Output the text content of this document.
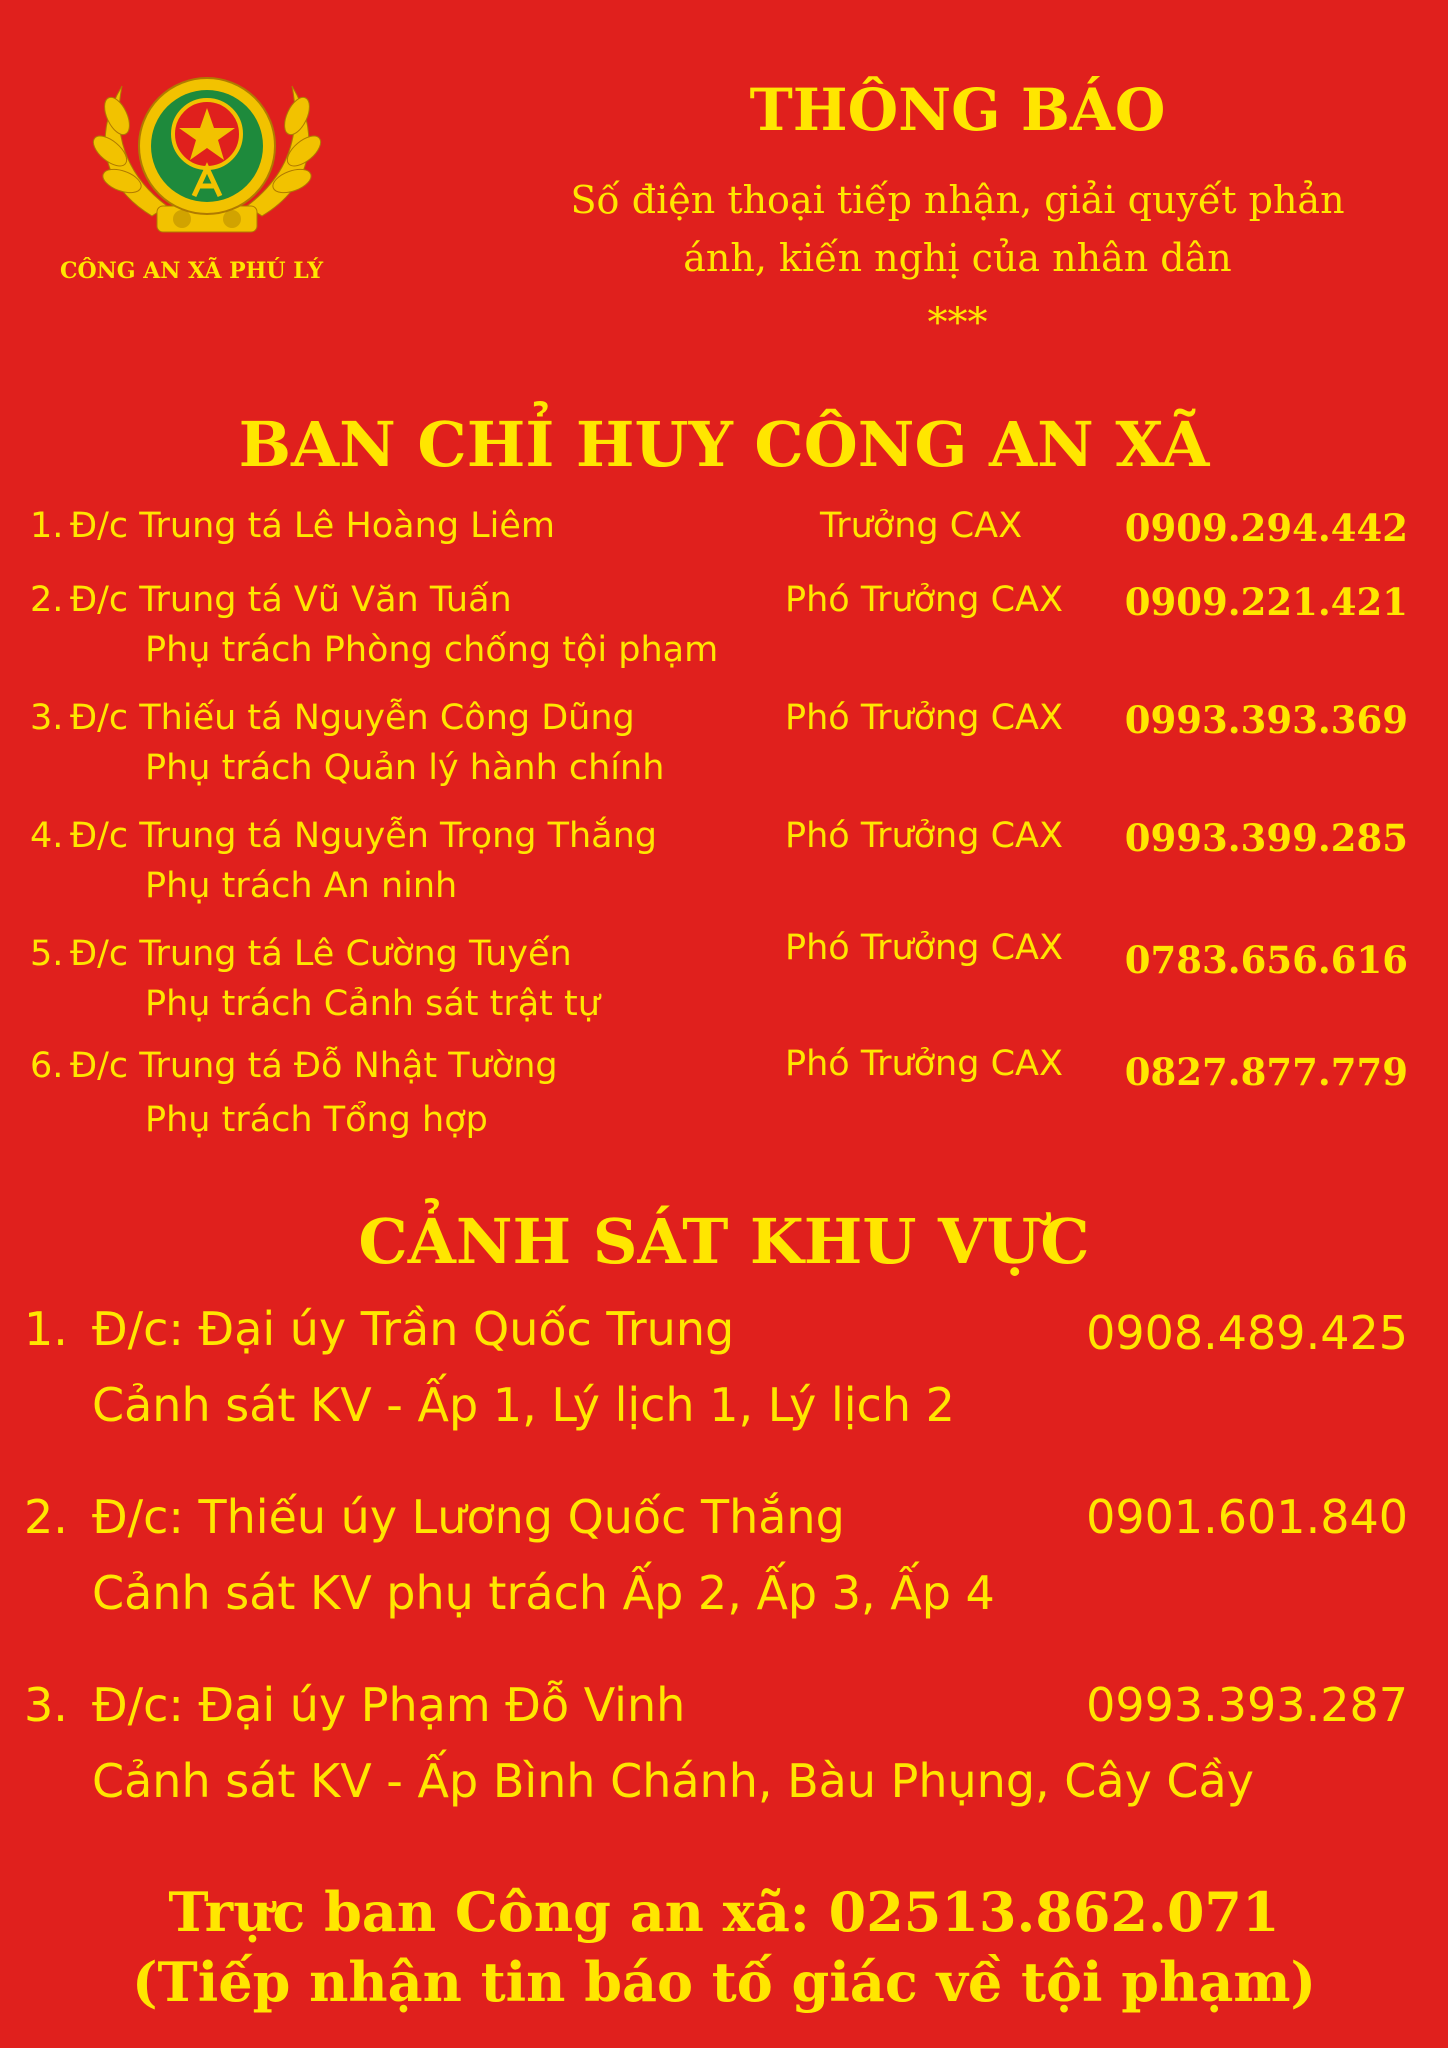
CÔNG AN XÃ PHÚ LÝ
THÔNG BÁO
Số điện thoại tiếp nhận, giải quyết phản
ánh, kiến nghị của nhân dân
***
BAN CHỈ HUY CÔNG AN XÃ
1. Đ/c Trung tá Lê Hoàng Liêm	Trưởng CAX	0909.294.442
2. Đ/c Trung tá Vũ Văn Tuấn	Phó Trưởng CAX 0909.221.421
Phụ trách Phòng chống tội phạm
3. Đ/c Thiếu tá Nguyễn Công Dũng	Phó Trưởng CAX 0993.393.369
Phụ trách Quản lý hành chính
4. Đ/c Trung tá Nguyễn Trọng Thắng	Phó Trưởng CAX 0993.399.285
Phụ trách An ninh
5. Đ/c Trung tá Lê Cường Tuyến	Phó Trưởng CAX 0783.656.616
Phụ trách Cảnh sát trật tự
6. Đ/c Trung tá Đỗ Nhật Tường	Phó Trưởng CAX 0827.877.779
Phụ trách Tổng hợp
CẢNH SÁT KHU VỰC
1. Đ/c: Đại úy Trần Quốc Trung	0908.489.425
Cảnh sát KV - Ấp 1, Lý lịch 1, Lý lịch 2
2. Đ/c: Thiếu úy Lương Quốc Thắng	0901.601.840
Cảnh sát KV phụ trách Ấp 2, Ấp 3, Ấp 4
3. Đ/c: Đại úy Phạm Đỗ Vinh	0993.393.287
Cảnh sát KV - Ấp Bình Chánh, Bàu Phụng, Cây Cầy
Trực ban Công an xã: 02513.862.071
(Tiếp nhận tin báo tố giác về tội phạm)
